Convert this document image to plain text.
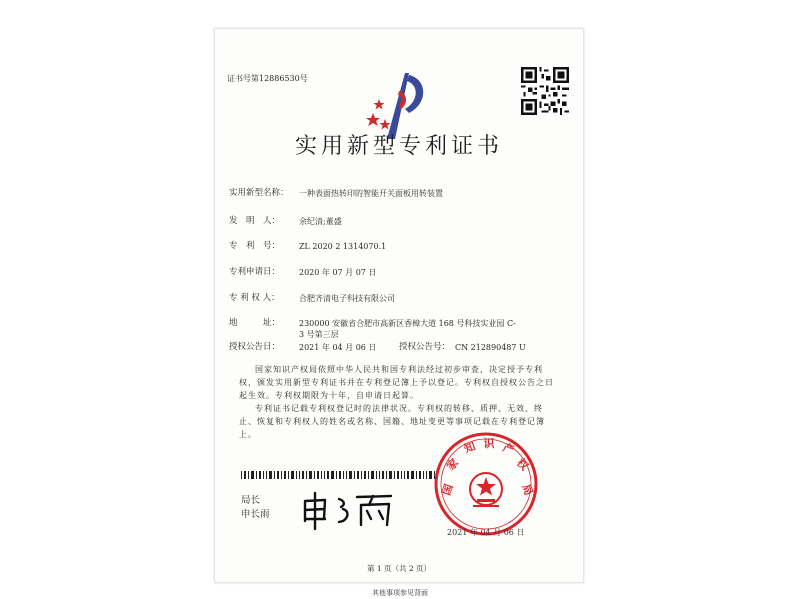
证书号第12886530号
实用新型专利证书
实用新型名称： 一种表面热转印的智能开关面板用转装置
发　明　人： 余纪清;董盛
专　利　号： ZL 2020 2 1314070.1
专利申请日： 2020 年 07 月 07 日
专 利 权 人： 合肥齐清电子科技有限公司
地　　　址： 230000 安徽省合肥市高新区香樟大道 168 号科技实业园 C-
3 号第三层
授权公告日： 2021 年 04 月 06 日	授权公告号： CN 212890487 U
国家知识产权局依照中华人民共和国专利法经过初步审查，决定授予专利权，颁发实用新型专利证书并在专利登记簿上予以登记。专利权自授权公告之日起生效。专利权期限为十年，自申请日起算。
专利证书记载专利权登记时的法律状况。专利权的转移、质押、无效、终止、恢复和专利权人的姓名或名称、国籍、地址变更等事项记载在专利登记簿上。
局长
申长雨
国
家
知 识 产
权
局
2021 年 04 月 06 日
第 1 页（共 2 页）
其他事项参见背面
